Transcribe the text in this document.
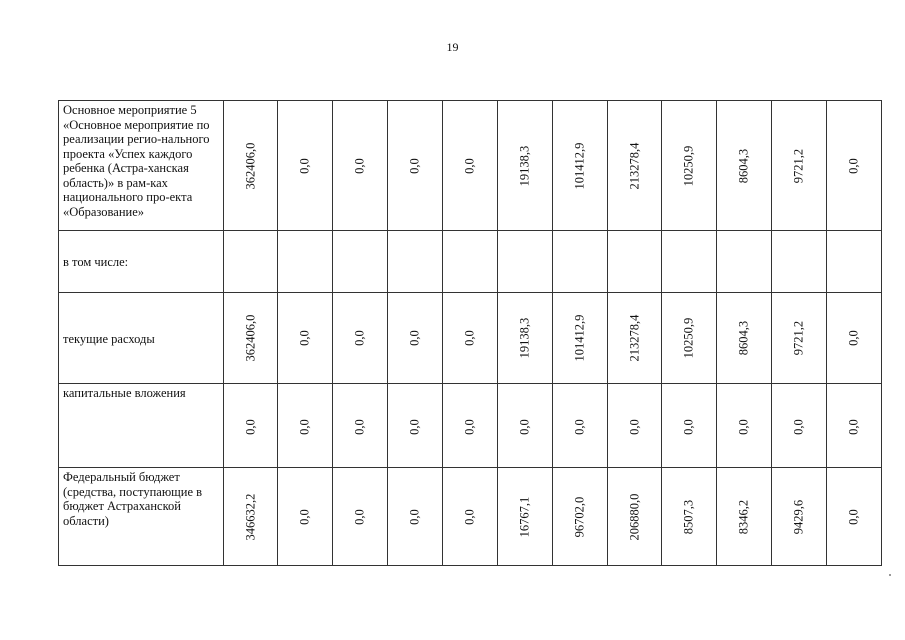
19
Основное мероприятие 5 «Основное мероприятие по реализации регио-нального проекта «Успех каждого ребенка (Астра-ханская область)» в рам-ках национального про-екта «Образование»	362406,0	0,0	0,0	0,0	0,0	19138,3	101412,9	213278,4	10250,9	8604,3	9721,2	0,0

в том числе:	

текущие расходы	362406,0	0,0	0,0	0,0	0,0	19138,3	101412,9	213278,4	10250,9	8604,3	9721,2	0,0

капитальные вложения	0,0	0,0	0,0	0,0	0,0	0,0	0,0	0,0	0,0	0,0	0,0	0,0

Федеральный бюджет (средства, поступающие в бюджет Астраханской области)	346632,2	0,0	0,0	0,0	0,0	16767,1	96702,0	206880,0	8507,3	8346,2	9429,6	0,0
